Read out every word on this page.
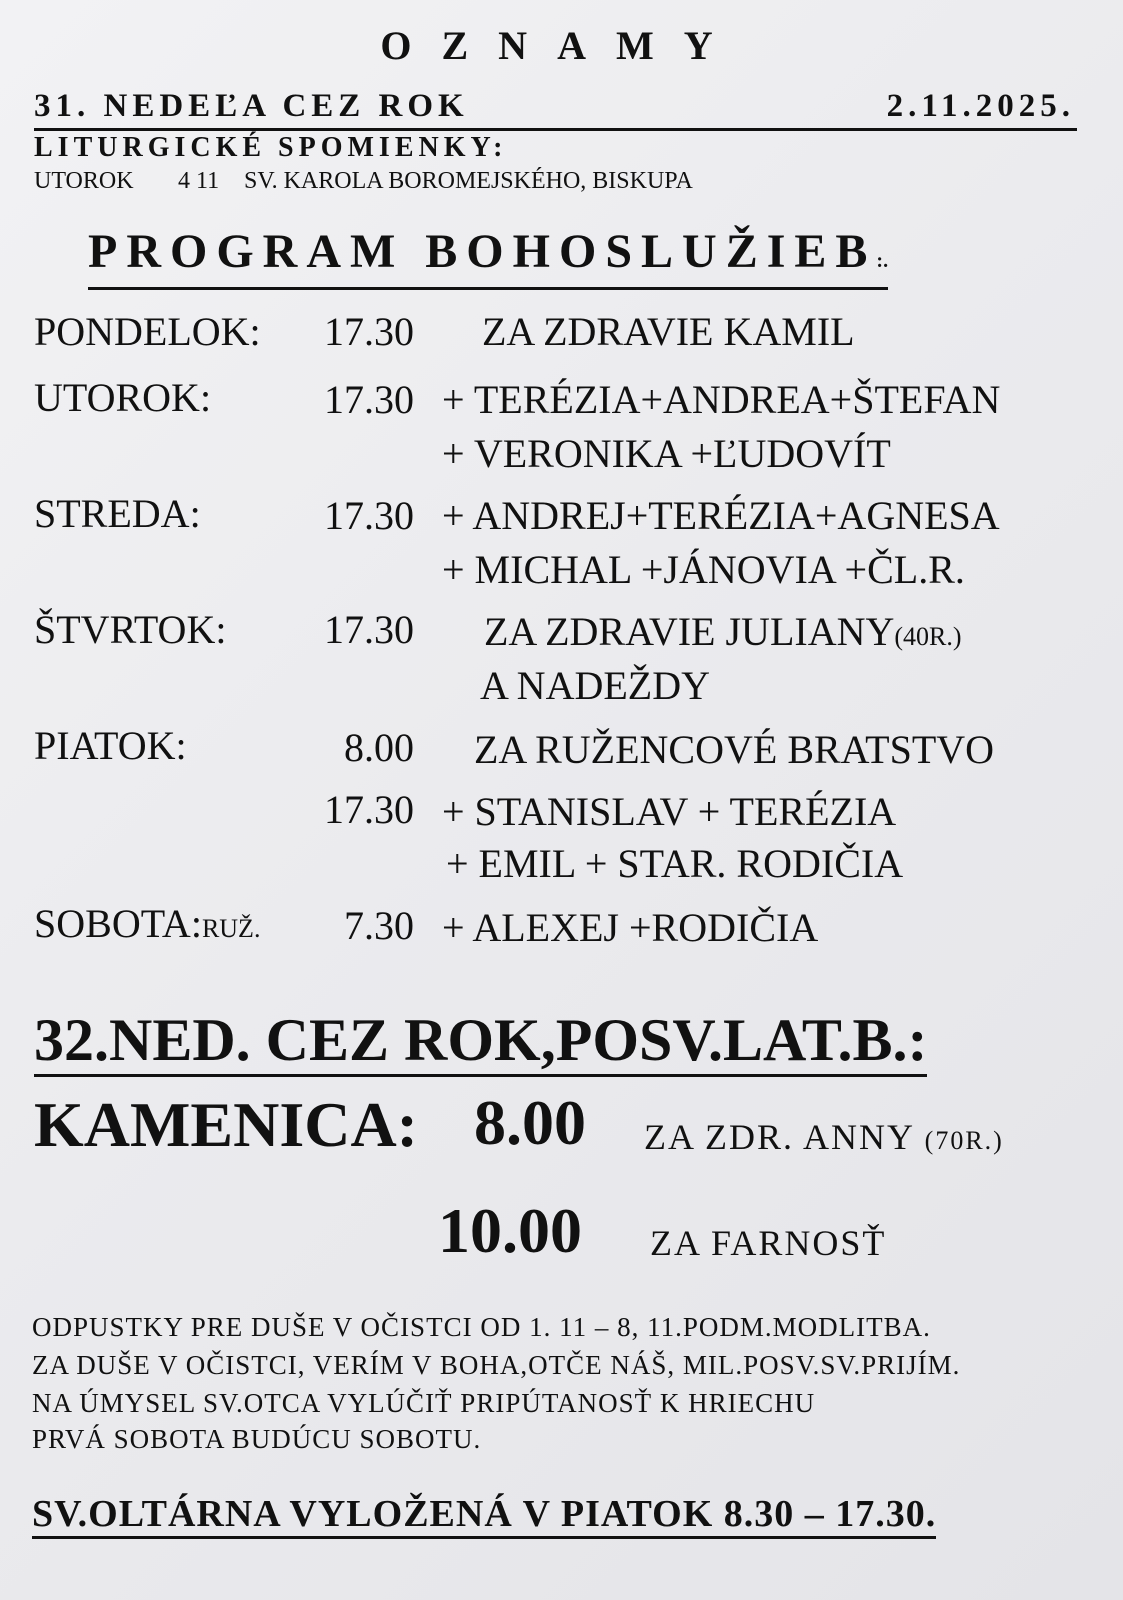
OZNAMY
31. NEDEĽA CEZ ROK	2.11.2025.
LITURGICKÉ SPOMIENKY:
UTOROK 4 11 SV. KAROLA BOROMEJSKÉHO, BISKUPA
PROGRAM BOHOSLUŽIEB:.
PONDELOK:	17.30 ZA ZDRAVIE KAMIL
UTOROK:	17.30 + TERÉZIA+ANDREA+ŠTEFAN
+ VERONIKA +ĽUDOVÍT
STREDA:	17.30 + ANDREJ+TERÉZIA+AGNESA
+ MICHAL +JÁNOVIA +ČL.R.
ŠTVRTOK:	17.30 ZA ZDRAVIE JULIANY(40R.)
A NADEŽDY
PIATOK:	8.00 ZA RUŽENCOVÉ BRATSTVO
17.30 + STANISLAV + TERÉZIA
+ EMIL + STAR. RODIČIA
SOBOTA:RUŽ.	7.30 + ALEXEJ +RODIČIA
32.NED. CEZ ROK,POSV.LAT.B.:
KAMENICA: 8.00 ZA ZDR. ANNY (70R.)
10.00 ZA FARNOSŤ
ODPUSTKY PRE DUŠE V OČISTCI OD 1. 11 – 8, 11.PODM.MODLITBA.
ZA DUŠE V OČISTCI, VERÍM V BOHA,OTČE NÁŠ, MIL.POSV.SV.PRIJÍM.
NA ÚMYSEL SV.OTCA VYLÚČIŤ PRIPÚTANOSŤ K HRIECHU
PRVÁ SOBOTA BUDÚCU SOBOTU.
SV.OLTÁRNA VYLOŽENÁ V PIATOK 8.30 – 17.30.
